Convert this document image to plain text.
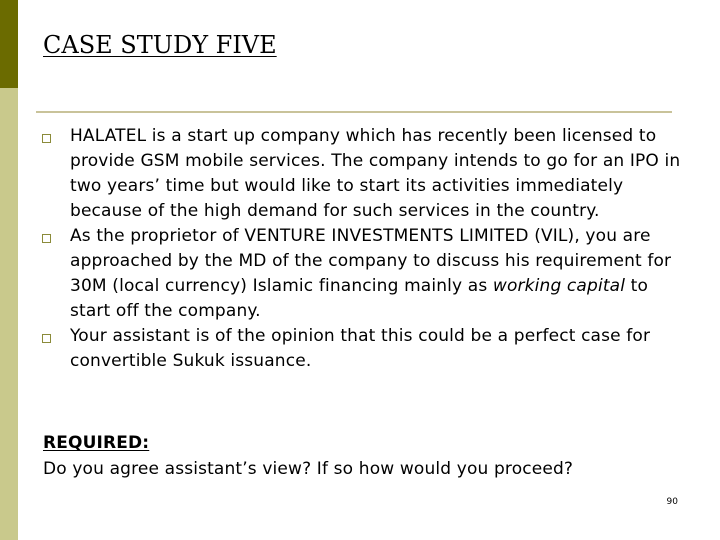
CASE STUDY FIVE
HALATEL is a start up company which has recently been licensed to provide GSM mobile services. The company intends to go for an IPO in two years’ time but would like to start its activities immediately because of the high demand for such services in the country.
As the proprietor of VENTURE INVESTMENTS LIMITED (VIL), you are approached by the MD of the company to discuss his requirement for 30M (local currency) Islamic financing mainly as working capital to start off the company.
Your assistant is of the opinion that this could be a perfect case for convertible Sukuk issuance.
REQUIRED:
Do you agree assistant’s view? If so how would you proceed?
90
